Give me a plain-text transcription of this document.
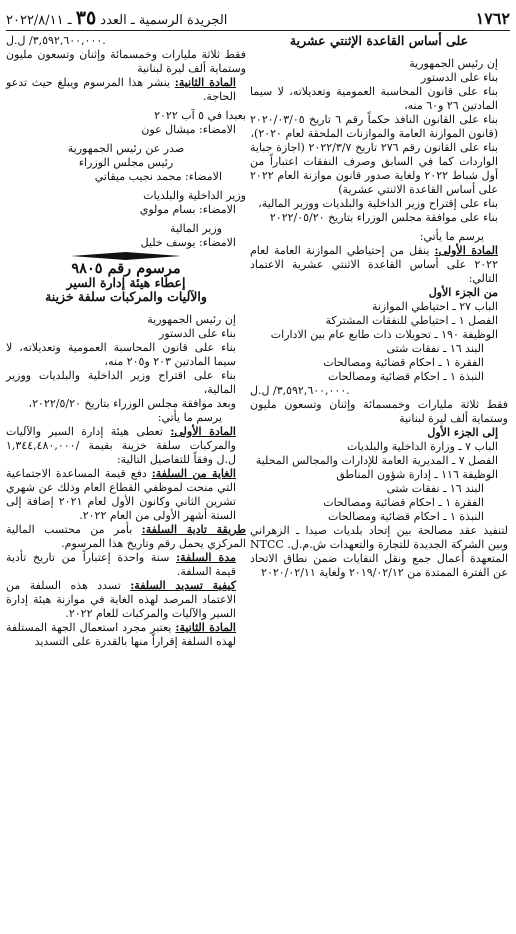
١٧٦٢
الجريدة الرسمية ـ العدد ٣٥ ـ ٢٠٢٢/٨/١١

على أساس القاعدة الإثنتي عشرية

إن رئيس الجمهورية

بناء على الدستور

بناء على قانون المحاسبة العمومية وتعديلاته، لا سيما المادتين ٢٦ و٦٠ منه،

بناء على القانون النافذ حكماً رقم ٦ تاريخ ٢٠٢٠/٠٣/٠٥ (قانون الموازنة العامة والموازنات الملحقة لعام ٢٠٢٠)،

بناء على القانون رقم ٢٧٦ تاريخ ٢٠٢٢/٣/٧ (اجازة جباية الواردات كما في السابق وصرف النفقات اعتباراً من أول شباط ٢٠٢٢ ولغاية صدور قانون موازنة العام ٢٠٢٢ على أساس القاعدة الاثنتي عشرية)

بناء على إقتراح وزير الداخلية والبلديات ووزير المالية،

بناء على موافقة مجلس الوزراء بتاريخ ٢٠٢٢/٠٥/٢٠

يرسم ما يأتي:

المادة الأولى: ينقل من إحتياطي الموازنة العامة لعام ٢٠٢٢ على أساس القاعدة الاثنتي عشرية الاعتماد التالي:

من الجزء الأول

الباب ٢٧ ـ احتياطي الموازنة

الفصل ١ ـ احتياطي للنفقات المشتركة

الوظيفة ١٩٠ ـ تحويلات ذات طابع عام بين الادارات

البند ١٦ ـ نفقات شتى

الفقرة ١ ـ احكام قضائية ومصالحات

النبذة ١ ـ احكام قضائية ومصالحات

٣,٥٩٢,٦٠٠,٠٠٠/ ل.ل.

فقط ثلاثة مليارات وخمسمائة وإثنان وتسعون مليون وستماية ألف ليرة لبنانية

إلى الجزء الأول

الباب ٧ ـ وزارة الداخلية والبلديات

الفصل ٧ ـ المديرية العامة للإدارات والمجالس المحلية

الوظيفة ١١٦ ـ إدارة شؤون المناطق

البند ١٦ ـ نفقات شتى

الفقرة ١ ـ احكام قضائية ومصالحات

النبذة ١ ـ احكام قضائية ومصالحات

لتنفيذ عقد مصالحة بين إتحاد بلديات صيدا ـ الزهراني وبين الشركة الجديدة للتجارة والتعهدات ش.م.ل. NTCC المتعهدة أعمال جمع ونقل النفايات ضمن نطاق الاتحاد عن الفترة الممتدة من ٢٠١٩/٠٢/١٢ ولغاية ٢٠٢٠/٠٢/١١

٣,٥٩٢,٦٠٠,٠٠٠/ ل.ل.

فقط ثلاثة مليارات وخمسمائة وإثنان وتسعون مليون وستماية ألف ليرة لبنانية

المادة الثانية: ينشر هذا المرسوم ويبلغ حيث تدعو الحاجة.

بعبدا في ٥ آب ٢٠٢٢

الامضاء: ميشال عون

صدر عن رئيس الجمهورية

رئيس مجلس الوزراء

الامضاء: محمد نجيب ميقاتي

وزير الداخلية والبلديات

الامضاء: بسام مولوي

وزير المالية

الامضاء: يوسف خليل

مرسوم رقم ٩٨٠٥

إعطاء هيئة إدارة السير

والآليات والمركبات سلفة خزينة

إن رئيس الجمهورية

بناء على الدستور

بناء على قانون المحاسبة العمومية وتعديلاته، لا سيما المادتين ٢٠٣ و٢٠٥ منه،

بناء على اقتراح وزير الداخلية والبلديات ووزير المالية،

وبعد موافقة مجلس الوزراء بتاريخ ٢٠٢٢/٥/٢٠،

يرسم ما يأتي:

المادة الأولى: تعطى هيئة إدارة السير والآليات والمركبات سلفة خزينة بقيمة /١,٣٤٤,٤٨٠,٠٠٠ ل.ل وفقاً للتفاصيل التالية:

الغاية من السلفة: دفع قيمة المساعدة الاجتماعية التي منحت لموظفي القطاع العام وذلك عن شهري تشرين الثاني وكانون الأول لعام ٢٠٢١ إضافة إلى الستة أشهر الأولى من العام ٢٠٢٢.

طريقة تادية السلفة: بأمر من محتسب المالية المركزي يحمل رقم وتاريخ هذا المرسوم.

مدة السلفة: سنة واحدة إعتباراً من تاريخ تأدية قيمة السلفة.

كيفية تسديد السلفة: تسدد هذه السلفة من الاعتماد المرصد لهذه الغاية في موازنة هيئة إدارة السير والآليات والمركبات للعام ٢٠٢٢.

المادة الثانية: يعتبر مجرد استعمال الجهة المستلفة لهذه السلفة إقراراً منها بالقدرة على التسديد
